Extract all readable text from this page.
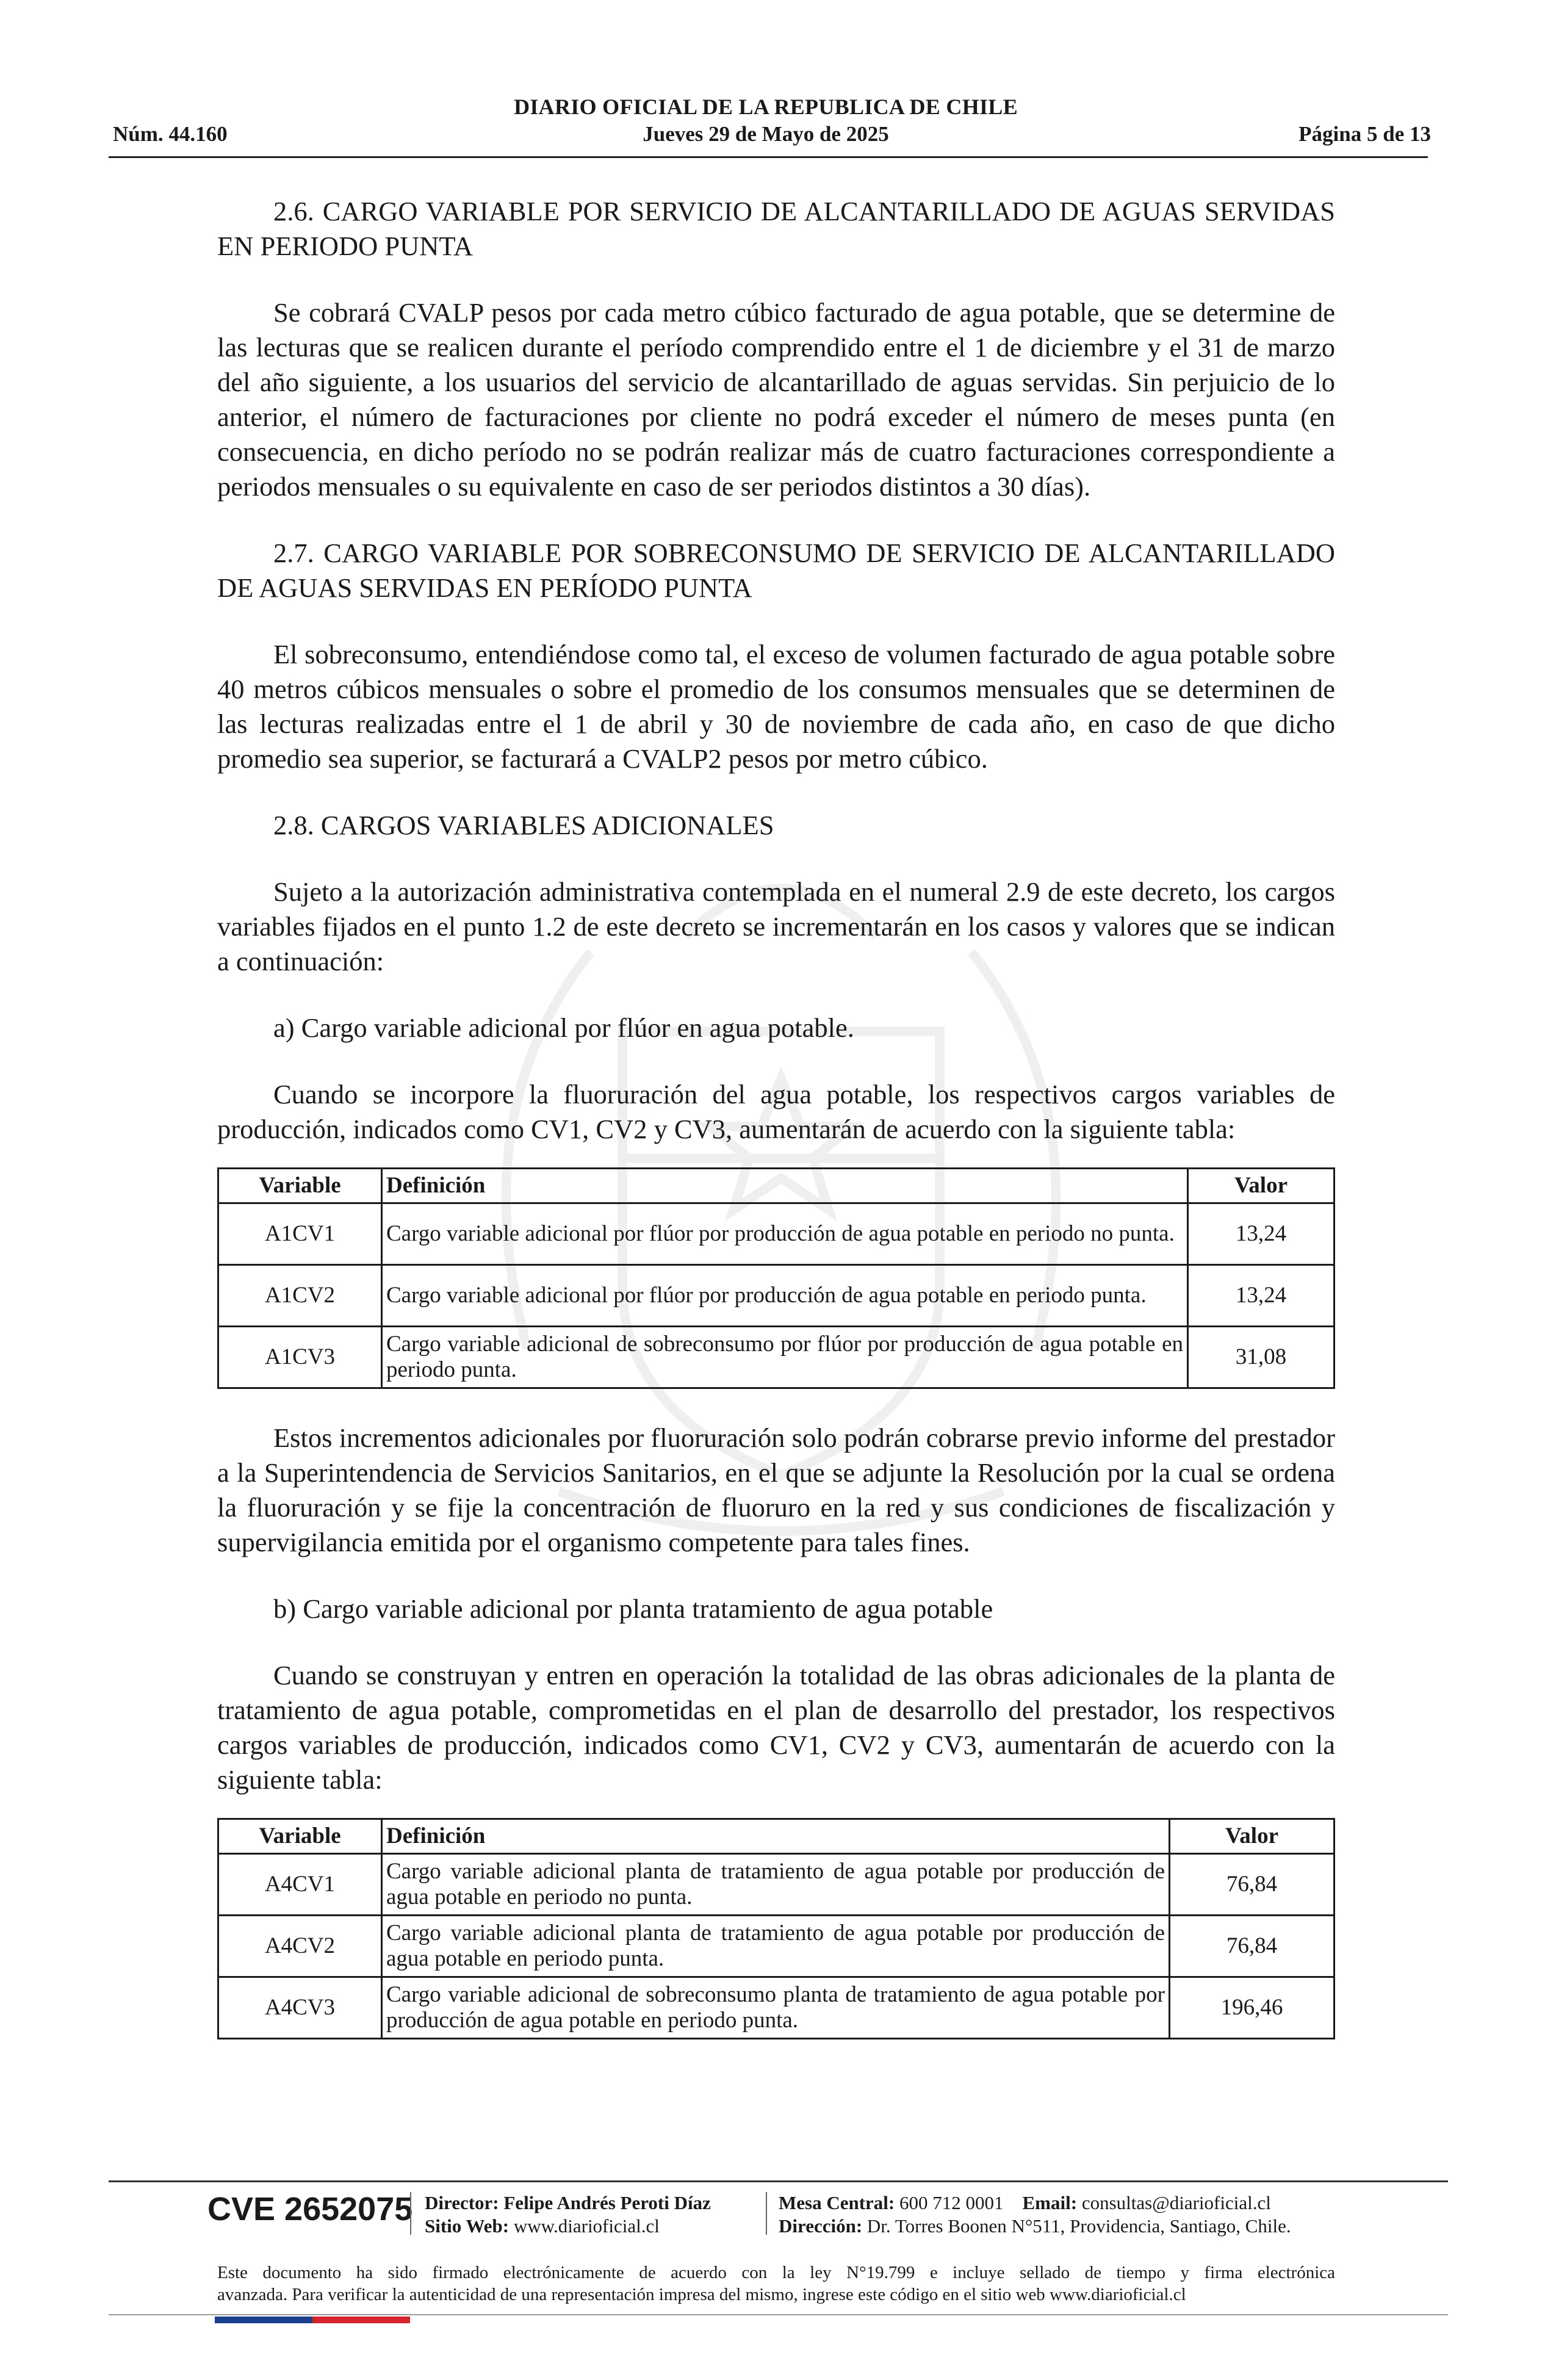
DIARIO OFICIAL DE LA REPUBLICA DE CHILE
Núm. 44.160	Jueves 29 de Mayo de 2025	Página 5 de 13

2.6. CARGO VARIABLE POR SERVICIO DE ALCANTARILLADO DE AGUAS SERVIDAS EN PERIODO PUNTA

Se cobrará CVALP pesos por cada metro cúbico facturado de agua potable, que se determine de las lecturas que se realicen durante el período comprendido entre el 1 de diciembre y el 31 de marzo del año siguiente, a los usuarios del servicio de alcantarillado de aguas servidas. Sin perjuicio de lo anterior, el número de facturaciones por cliente no podrá exceder el número de meses punta (en consecuencia, en dicho período no se podrán realizar más de cuatro facturaciones correspondiente a periodos mensuales o su equivalente en caso de ser periodos distintos a 30 días).

2.7. CARGO VARIABLE POR SOBRECONSUMO DE SERVICIO DE ALCANTARILLADO DE AGUAS SERVIDAS EN PERÍODO PUNTA

El sobreconsumo, entendiéndose como tal, el exceso de volumen facturado de agua potable sobre 40 metros cúbicos mensuales o sobre el promedio de los consumos mensuales que se determinen de las lecturas realizadas entre el 1 de abril y 30 de noviembre de cada año, en caso de que dicho promedio sea superior, se facturará a CVALP2 pesos por metro cúbico.

2.8. CARGOS VARIABLES ADICIONALES

Sujeto a la autorización administrativa contemplada en el numeral 2.9 de este decreto, los cargos variables fijados en el punto 1.2 de este decreto se incrementarán en los casos y valores que se indican a continuación:

a) Cargo variable adicional por flúor en agua potable.

Cuando se incorpore la fluoruración del agua potable, los respectivos cargos variables de producción, indicados como CV1, CV2 y CV3, aumentarán de acuerdo con la siguiente tabla:

Variable	Definición	Valor
A1CV1	Cargo variable adicional por flúor por producción de agua potable en periodo no punta.	13,24
A1CV2	Cargo variable adicional por flúor por producción de agua potable en periodo punta.	13,24
A1CV3	Cargo variable adicional de sobreconsumo por flúor por producción de agua potable en periodo punta.	31,08

Estos incrementos adicionales por fluoruración solo podrán cobrarse previo informe del prestador a la Superintendencia de Servicios Sanitarios, en el que se adjunte la Resolución por la cual se ordena la fluoruración y se fije la concentración de fluoruro en la red y sus condiciones de fiscalización y supervigilancia emitida por el organismo competente para tales fines.

b) Cargo variable adicional por planta tratamiento de agua potable

Cuando se construyan y entren en operación la totalidad de las obras adicionales de la planta de tratamiento de agua potable, comprometidas en el plan de desarrollo del prestador, los respectivos cargos variables de producción, indicados como CV1, CV2 y CV3, aumentarán de acuerdo con la siguiente tabla:

Variable	Definición	Valor
A4CV1	Cargo variable adicional planta de tratamiento de agua potable por producción de agua potable en periodo no punta.	76,84
A4CV2	Cargo variable adicional planta de tratamiento de agua potable por producción de agua potable en periodo punta.	76,84
A4CV3	Cargo variable adicional de sobreconsumo planta de tratamiento de agua potable por producción de agua potable en periodo punta.	196,46
CVE 2652075 Director: Felipe Andrés Peroti Díaz
Sitio Web: www.diarioficial.cl
Mesa Central: 600 712 0001 Email: consultas@diarioficial.cl
Dirección: Dr. Torres Boonen N°511, Providencia, Santiago, Chile.
Este documento ha sido firmado electrónicamente de acuerdo con la ley N°19.799 e incluye sellado de tiempo y firma electrónica
avanzada. Para verificar la autenticidad de una representación impresa del mismo, ingrese este código en el sitio web www.diarioficial.cl
